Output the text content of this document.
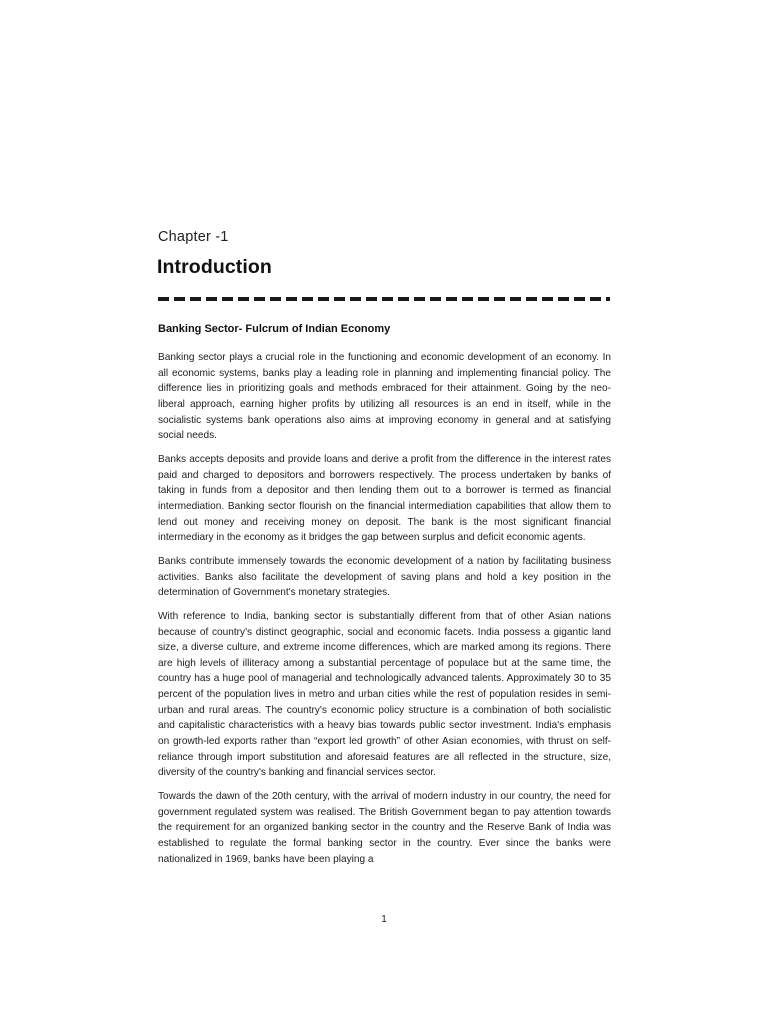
Chapter -1
Introduction
Banking Sector- Fulcrum of Indian Economy

Banking sector plays a crucial role in the functioning and economic development of an economy. In all economic systems, banks play a leading role in planning and implementing financial policy. The difference lies in prioritizing goals and methods embraced for their attainment. Going by the neo-liberal approach, earning higher profits by utilizing all resources is an end in itself, while in the socialistic systems bank operations also aims at improving economy in general and at satisfying social needs.

Banks accepts deposits and provide loans and derive a profit from the difference in the interest rates paid and charged to depositors and borrowers respectively. The process undertaken by banks of taking in funds from a depositor and then lending them out to a borrower is termed as financial intermediation. Banking sector flourish on the financial intermediation capabilities that allow them to lend out money and receiving money on deposit. The bank is the most significant financial intermediary in the economy as it bridges the gap between surplus and deficit economic agents.

Banks contribute immensely towards the economic development of a nation by facilitating business activities. Banks also facilitate the development of saving plans and hold a key position in the determination of Government's monetary strategies.

With reference to India, banking sector is substantially different from that of other Asian nations because of country's distinct geographic, social and economic facets. India possess a gigantic land size, a diverse culture, and extreme income differences, which are marked among its regions. There are high levels of illiteracy among a substantial percentage of populace but at the same time, the country has a huge pool of managerial and technologically advanced talents. Approximately 30 to 35 percent of the population lives in metro and urban cities while the rest of population resides in semi-urban and rural areas. The country's economic policy structure is a combination of both socialistic and capitalistic characteristics with a heavy bias towards public sector investment. India's emphasis on growth-led exports rather than “export led growth” of other Asian economies, with thrust on self-reliance through import substitution and aforesaid features are all reflected in the structure, size, diversity of the country's banking and financial services sector.

Towards the dawn of the 20th century, with the arrival of modern industry in our country, the need for government regulated system was realised. The British Government began to pay attention towards the requirement for an organized banking sector in the country and the Reserve Bank of India was established to regulate the formal banking sector in the country. Ever since the banks were nationalized in 1969, banks have been playing a

1
